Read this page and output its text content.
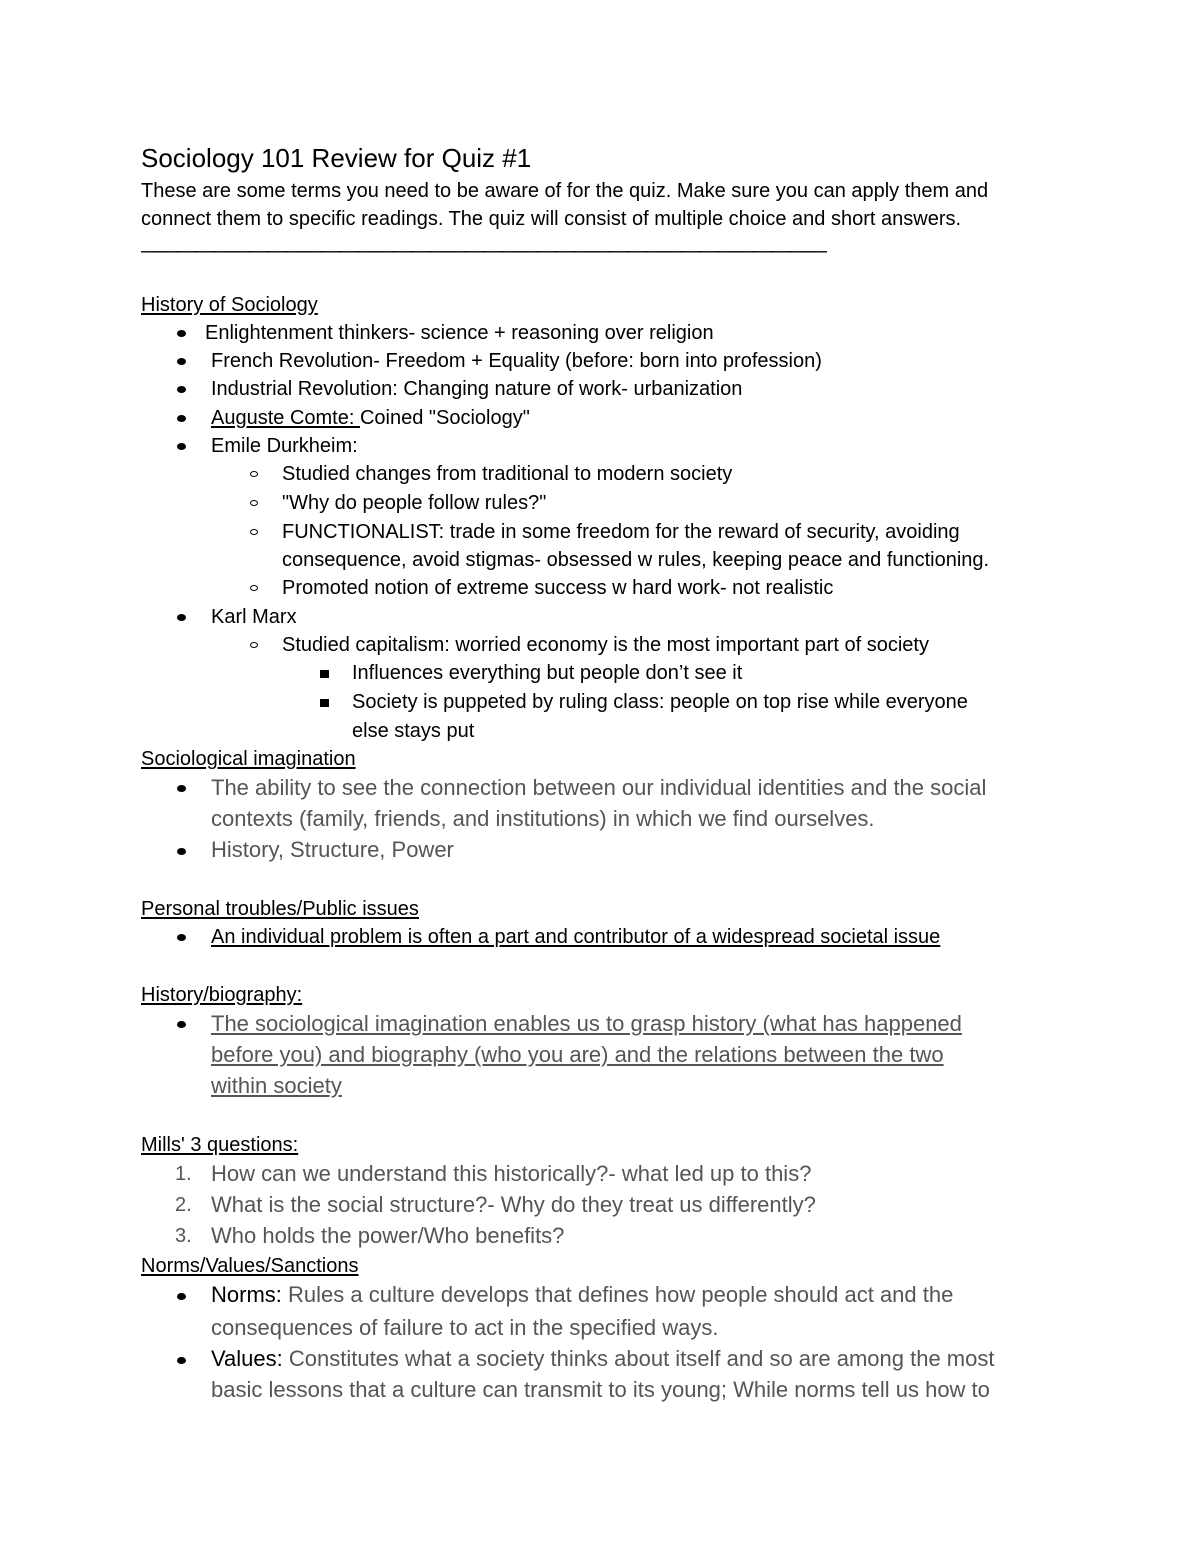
Sociology 101 Review for Quiz #1
These are some terms you need to be aware of for the quiz. Make sure you can apply them and
connect them to specific readings. The quiz will consist of multiple choice and short answers.
——————————————————————————————————————
History of Sociology
Enlightenment thinkers- science + reasoning over religion
French Revolution- Freedom + Equality (before: born into profession)
Industrial Revolution: Changing nature of work- urbanization
Auguste Comte: Coined "Sociology"
Emile Durkheim:
Studied changes from traditional to modern society
"Why do people follow rules?"
FUNCTIONALIST: trade in some freedom for the reward of security, avoiding
consequence, avoid stigmas- obsessed w rules, keeping peace and functioning.
Promoted notion of extreme success w hard work- not realistic
Karl Marx
Studied capitalism: worried economy is the most important part of society
Influences everything but people don’t see it
Society is puppeted by ruling class: people on top rise while everyone
else stays put
Sociological imagination
The ability to see the connection between our individual identities and the social
contexts (family, friends, and institutions) in which we find ourselves.
History, Structure, Power
Personal troubles/Public issues
An individual problem is often a part and contributor of a widespread societal issue
History/biography:
The sociological imagination enables us to grasp history (what has happened
before you) and biography (who you are) and the relations between the two
within society
Mills' 3 questions:
1. How can we understand this historically?- what led up to this?
2. What is the social structure?- Why do they treat us differently?
3. Who holds the power/Who benefits?
Norms/Values/Sanctions
Norms: Rules a culture develops that defines how people should act and the
consequences of failure to act in the specified ways.
Values: Constitutes what a society thinks about itself and so are among the most
basic lessons that a culture can transmit to its young; While norms tell us how to
